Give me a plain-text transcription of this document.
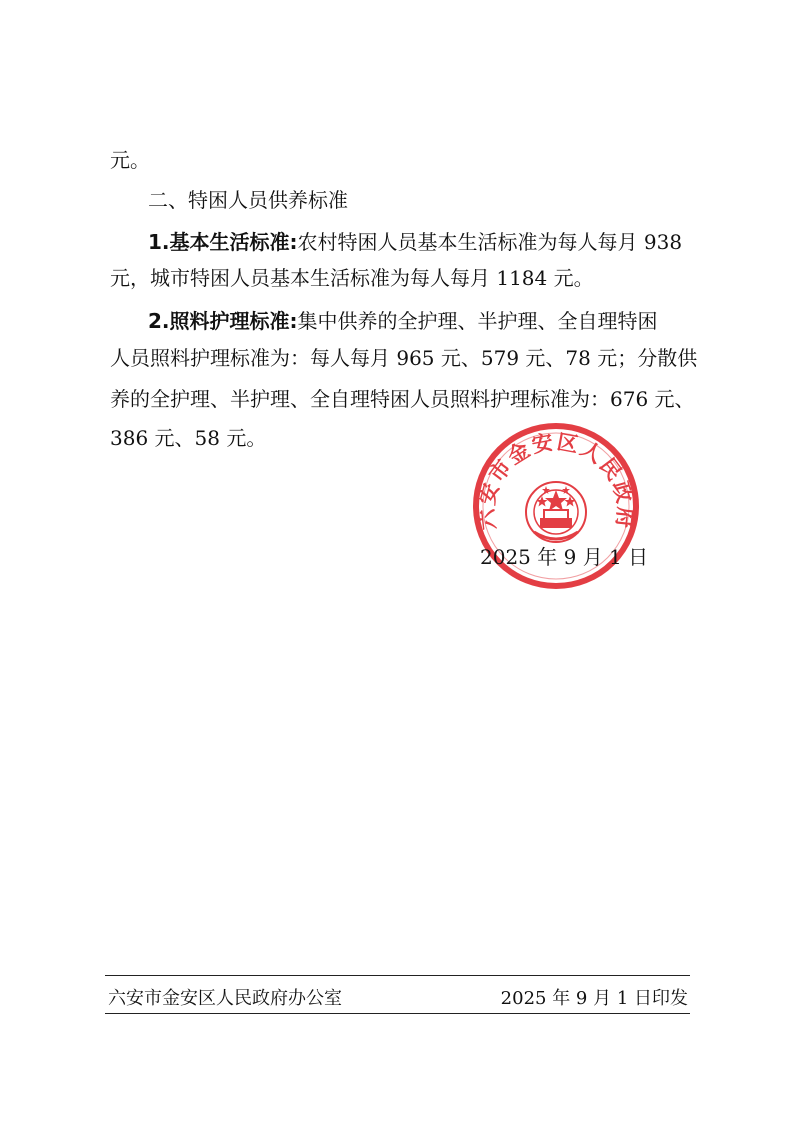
元。
二、特困人员供养标准
1.基本生活标准:农村特困人员基本生活标准为每人每月 938
元，城市特困人员基本生活标准为每人每月 1184 元。
2.照料护理标准:集中供养的全护理、半护理、全自理特困
人员照料护理标准为：每人每月 965 元、579 元、78 元；分散供
养的全护理、半护理、全自理特困人员照料护理标准为：676 元、
386 元、58 元。
六安市金安区人民政府
2025 年 9 月 1 日
六安市金安区人民政府办公室	2025 年 9 月 1 日印发
